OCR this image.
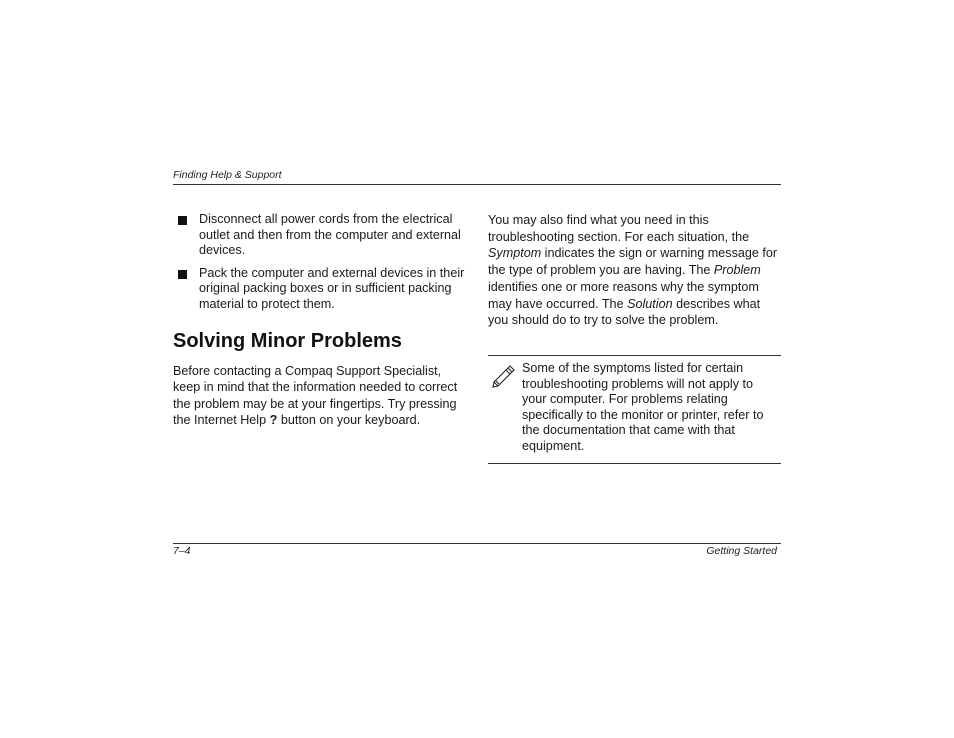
Finding Help & Support
Disconnect all power cords from the electrical outlet and then from the computer and external devices.
Pack the computer and external devices in their original packing boxes or in sufficient packing material to protect them.
Solving Minor Problems
Before contacting a Compaq Support Specialist, keep in mind that the information needed to correct the problem may be at your fingertips. Try pressing the Internet Help ? button on your keyboard.
You may also find what you need in this troubleshooting section. For each situation, the Symptom indicates the sign or warning message for the type of problem you are having. The Problem identifies one or more reasons why the symptom may have occurred. The Solution describes what you should do to try to solve the problem.
Some of the symptoms listed for certain troubleshooting problems will not apply to your computer. For problems relating specifically to the monitor or printer, refer to the documentation that came with that equipment.
7–4	Getting Started
